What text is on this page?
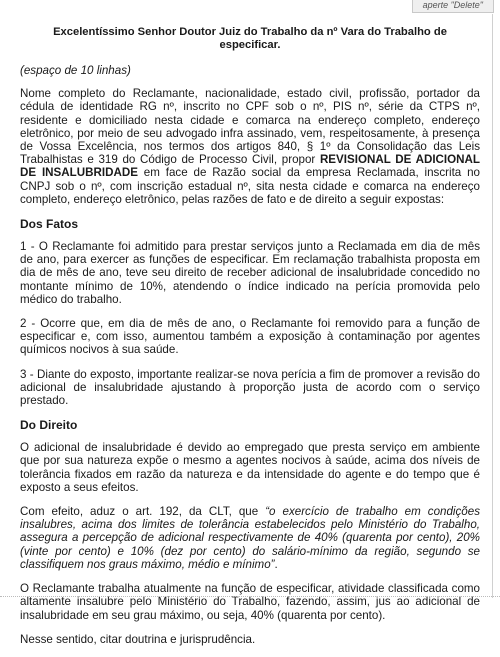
aperte "Delete"
Excelentíssimo Senhor Doutor Juiz do Trabalho da nº Vara do Trabalho de especificar.

(espaço de 10 linhas)

Nome completo do Reclamante, nacionalidade, estado civil, profissão, portador da cédula de identidade RG nº, inscrito no CPF sob o nº, PIS nº, série da CTPS nº, residente e domiciliado nesta cidade e comarca na endereço completo, endereço eletrônico, por meio de seu advogado infra assinado, vem, respeitosamente, à presença de Vossa Excelência, nos termos dos artigos 840, § 1º da Consolidação das Leis Trabalhistas e 319 do Código de Processo Civil, propor REVISIONAL DE ADICIONAL DE INSALUBRIDADE em face de Razão social da empresa Reclamada, inscrita no CNPJ sob o nº, com inscrição estadual nº, sita nesta cidade e comarca na endereço completo, endereço eletrônico, pelas razões de fato e de direito a seguir expostas:

Dos Fatos

1 - O Reclamante foi admitido para prestar serviços junto a Reclamada em dia de mês de ano, para exercer as funções de especificar. Em reclamação trabalhista proposta em dia de mês de ano, teve seu direito de receber adicional de insalubridade concedido no montante mínimo de 10%, atendendo o índice indicado na perícia promovida pelo médico do trabalho.

2 - Ocorre que, em dia de mês de ano, o Reclamante foi removido para a função de especificar e, com isso, aumentou também a exposição à contaminação por agentes químicos nocivos à sua saúde.

3 - Diante do exposto, importante realizar-se nova perícia a fim de promover a revisão do adicional de insalubridade ajustando à proporção justa de acordo com o serviço prestado.

Do Direito

O adicional de insalubridade é devido ao empregado que presta serviço em ambiente que por sua natureza expõe o mesmo a agentes nocivos à saúde, acima dos níveis de tolerância fixados em razão da natureza e da intensidade do agente e do tempo que é exposto a seus efeitos.

Com efeito, aduz o art. 192, da CLT, que “o exercício de trabalho em condições insalubres, acima dos limites de tolerância estabelecidos pelo Ministério do Trabalho, assegura a percepção de adicional respectivamente de 40% (quarenta por cento), 20% (vinte por cento) e 10% (dez por cento) do salário-mínimo da região, segundo se classifiquem nos graus máximo, médio e mínimo”.

O Reclamante trabalha atualmente na função de especificar, atividade classificada como altamente insalubre pelo Ministério do Trabalho, fazendo, assim, jus ao adicional de insalubridade em seu grau máximo, ou seja, 40% (quarenta por cento).

Nesse sentido, citar doutrina e jurisprudência.
